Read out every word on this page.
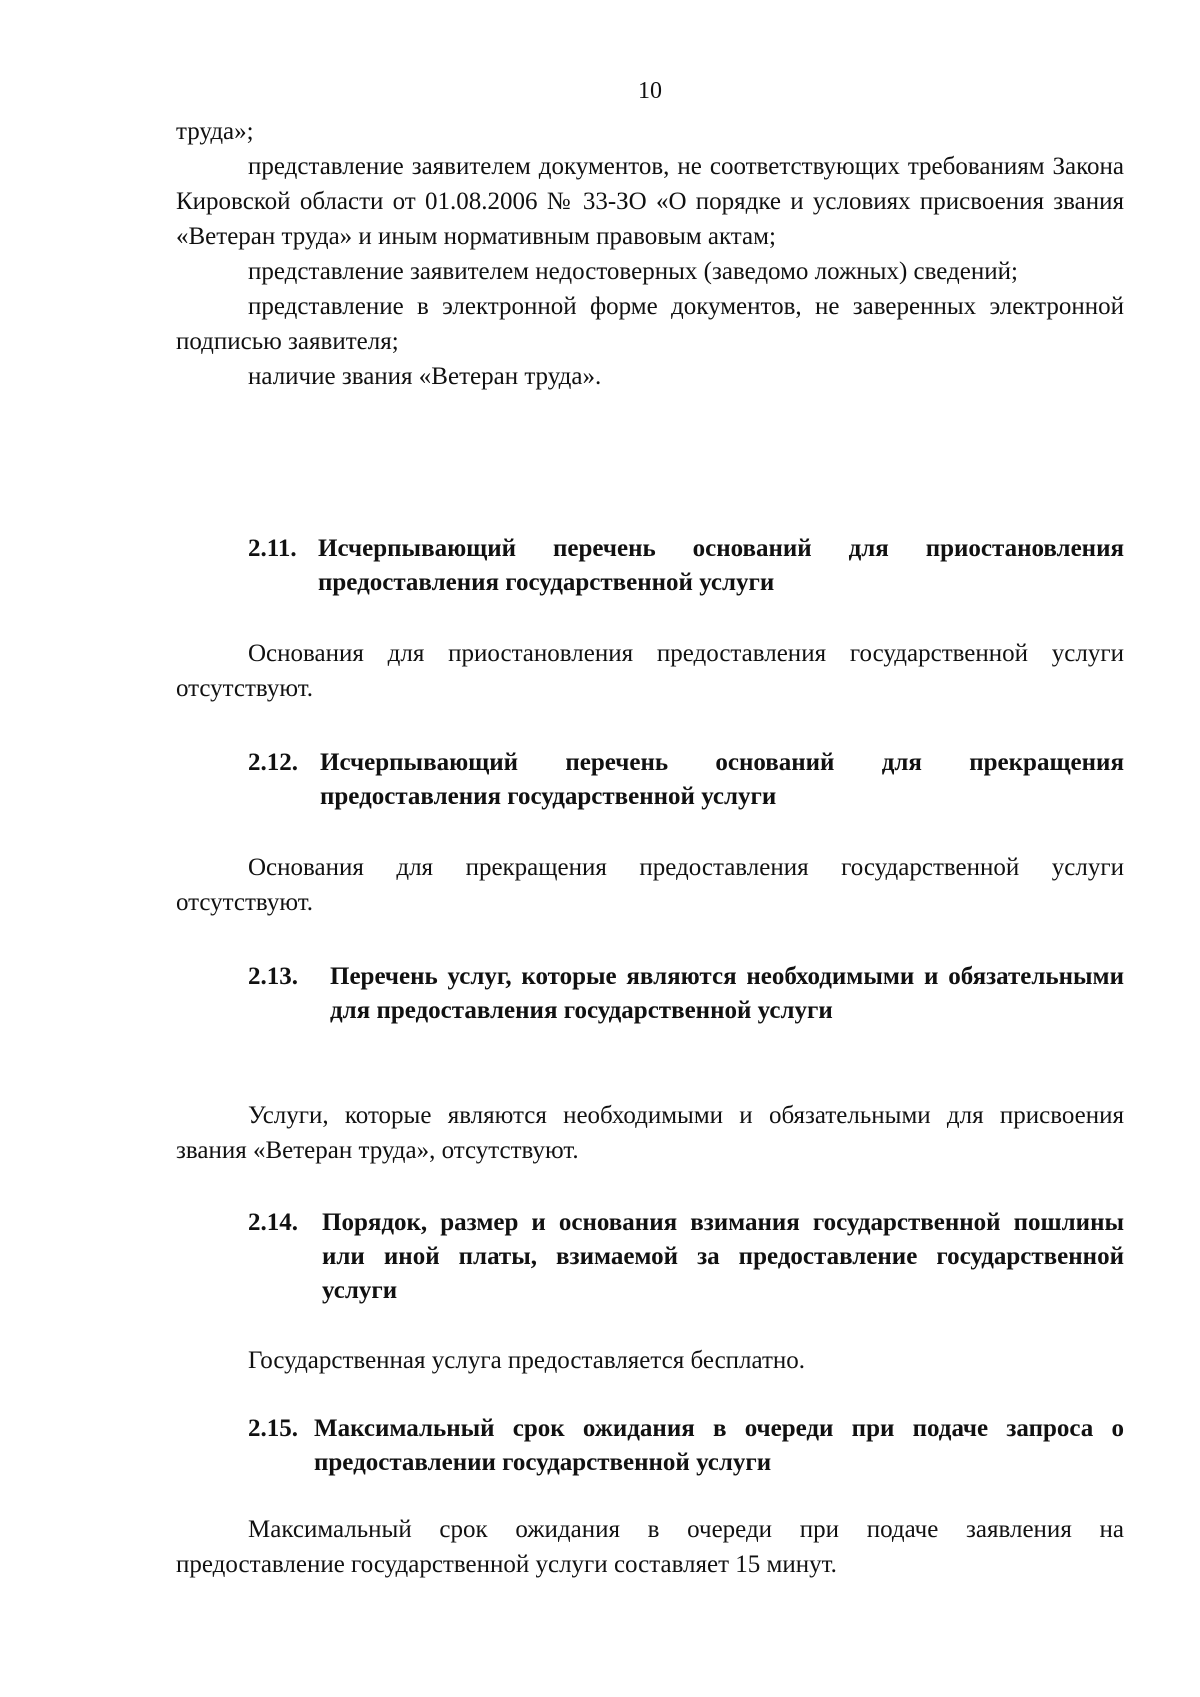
10

труда»;

представление заявителем документов, не соответствующих требованиям Закона Кировской области от 01.08.2006 № 33-ЗО «О порядке и условиях присвоения звания «Ветеран труда» и иным нормативным правовым актам;

представление заявителем недостоверных (заведомо ложных) сведений;

представление в электронной форме документов, не заверенных электронной подписью заявителя;

наличие звания «Ветеран труда».

2.11. Исчерпывающий перечень оснований для приостановления предоставления государственной услуги

Основания для приостановления предоставления государственной услуги отсутствуют.

2.12. Исчерпывающий перечень оснований для прекращения предоставления государственной услуги

Основания для прекращения предоставления государственной услуги отсутствуют.

2.13. Перечень услуг, которые являются необходимыми и обязательными для предоставления государственной услуги

Услуги, которые являются необходимыми и обязательными для присвоения звания «Ветеран труда», отсутствуют.

2.14. Порядок, размер и основания взимания государственной пошлины или иной платы, взимаемой за предоставление государственной услуги

Государственная услуга предоставляется бесплатно.

2.15. Максимальный срок ожидания в очереди при подаче запроса о предоставлении государственной услуги

Максимальный срок ожидания в очереди при подаче заявления на предоставление государственной услуги составляет 15 минут.
